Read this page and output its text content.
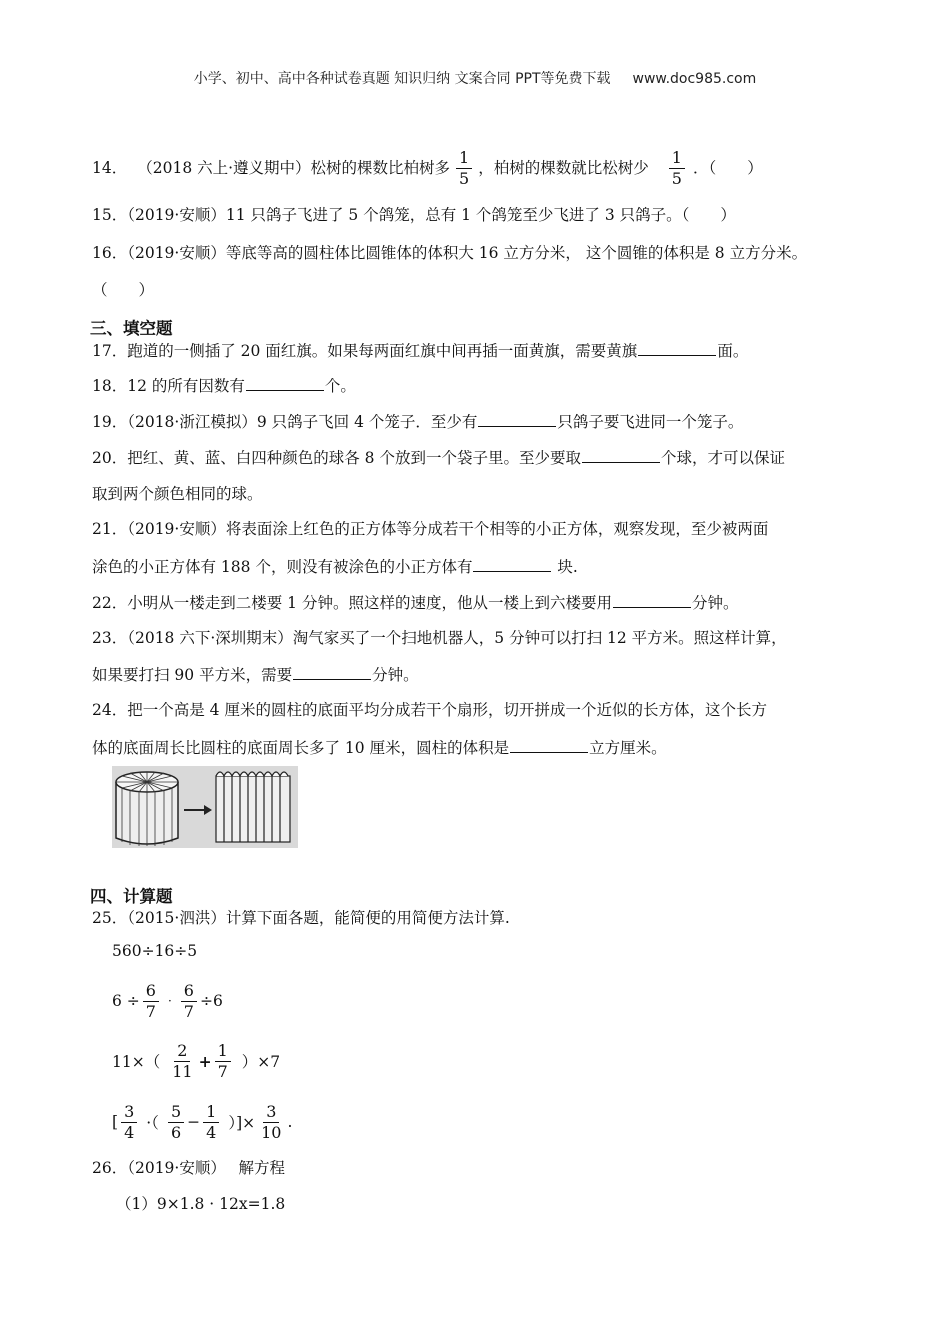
小学、初中、高中各种试卷真题 知识归纳 文案合同 PPT等免费下载 www.doc985.com
14． （2018 六上·遵义期中）松树的棵数比柏树多 $\frac{1}{5}$ ，柏树的棵数就比松树少 $\frac{1}{5}$ ．（　　）
15．（2019·安顺）11 只鸽子飞进了 5 个鸽笼，总有 1 个鸽笼至少飞进了 3 只鸽子。（　　）
16．（2019·安顺）等底等高的圆柱体比圆锥体的体积大 16 立方分米， 这个圆锥的体积是 8 立方分米。
（　　）
三、填空题
17．跑道的一侧插了 20 面红旗。如果每两面红旗中间再插一面黄旗，需要黄旗	面。
18．12 的所有因数有	个。
19．（2018·浙江模拟）9 只鸽子飞回 4 个笼子．至少有	只鸽子要飞进同一个笼子。
20．把红、黄、蓝、白四种颜色的球各 8 个放到一个袋子里。至少要取	个球，才可以保证
取到两个颜色相同的球。
21．（2019·安顺）将表面涂上红色的正方体等分成若干个相等的小正方体，观察发现，至少被两面
涂色的小正方体有 188 个，则没有被涂色的小正方体有	块.
22．小明从一楼走到二楼要 1 分钟。照这样的速度，他从一楼上到六楼要用	分钟。
23．（2018 六下·深圳期末）淘气家买了一个扫地机器人，5 分钟可以打扫 12 平方米。照这样计算，
如果要打扫 90 平方米，需要	分钟。
24．把一个高是 4 厘米的圆柱的底面平均分成若干个扇形，切开拼成一个近似的长方体，这个长方
体的底面周长比圆柱的底面周长多了 10 厘米，圆柱的体积是	立方厘米。
四、计算题
25．（2015·泗洪）计算下面各题，能简便的用简便方法计算.
560÷16÷5
$6 \div \frac{6}{7} \cdot \frac{6}{7} \div 6$
$11\times( \frac{2}{11} + \frac{1}{7} )\times 7$
[ $\frac{3}{4}$ ·（ $\frac{5}{6} - \frac{1}{4}$ ）]× $\frac{3}{10}$ .
26．（2019·安顺）　 解方程
（1）9×1.8 · 12x=1.8
